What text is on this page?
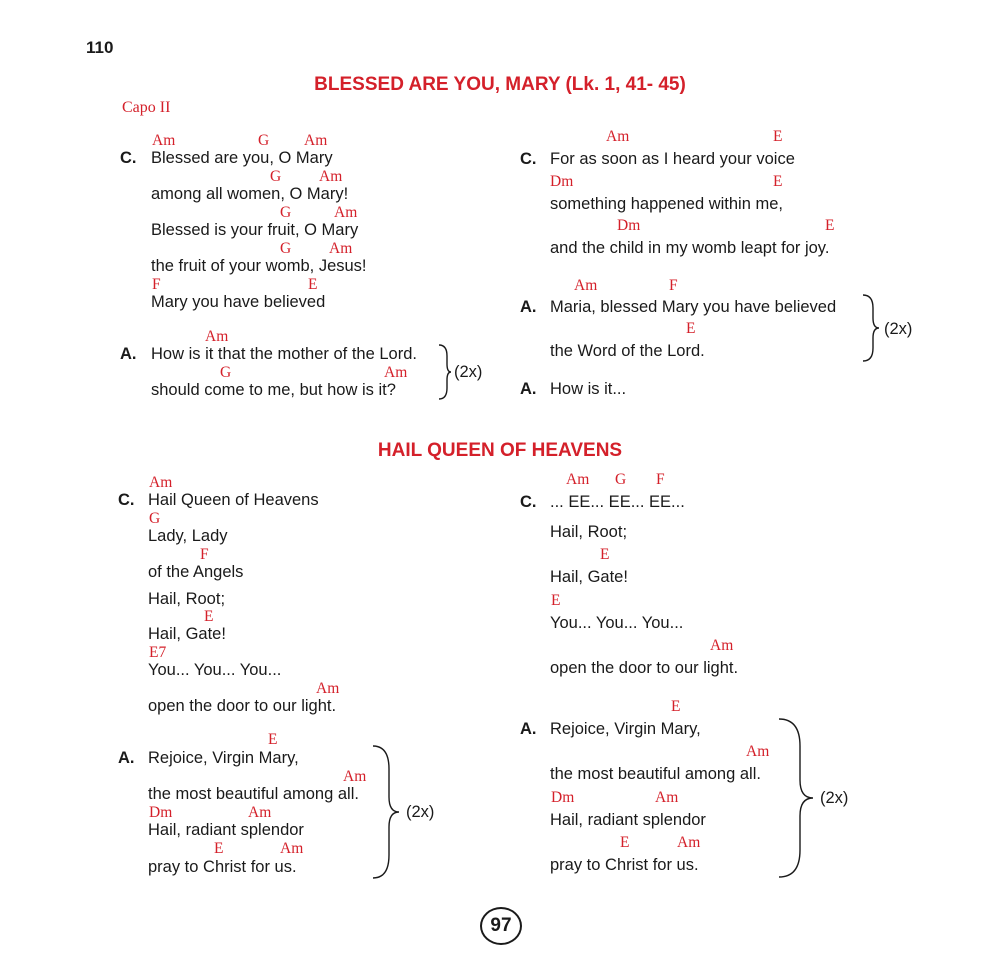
110
BLESSED ARE YOU, MARY (Lk. 1, 41- 45)
Capo II
C.
Am	G Am
Blessed are you, O Mary
G Am
among all women, O Mary!
G	Am
Blessed is your fruit, O Mary
G Am
the fruit of your womb, Jesus!
F	E
Mary you have believed
A.
Am
How is it that the mother of the Lord.
G	Am
should come to me, but how is it?
(2x)
C.
Am	E
For as soon as I heard your voice
Dm	E
something happened within me,
Dm	E
and the child in my womb leapt for joy.
A.
Am	F
Maria, blessed Mary you have believed
E
the Word of the Lord.
(2x)
A. How is it...
HAIL QUEEN OF HEAVENS
C.
Am
Hail Queen of Heavens
G
Lady, Lady
F
of the Angels
Hail, Root;
E
Hail, Gate!
E7
You... You... You...
Am
open the door to our light.
A.
E
Rejoice, Virgin Mary,
Am
the most beautiful among all.
Dm	Am
Hail, radiant splendor
E	Am
pray to Christ for us.
(2x)
C.
Am G F
... EE... EE... EE...
Hail, Root;
E
Hail, Gate!
E
You... You... You...
Am
open the door to our light.
A.
E
Rejoice, Virgin Mary,
Am
the most beautiful among all.
Dm	Am
Hail, radiant splendor
E	Am
pray to Christ for us.
(2x)
97
